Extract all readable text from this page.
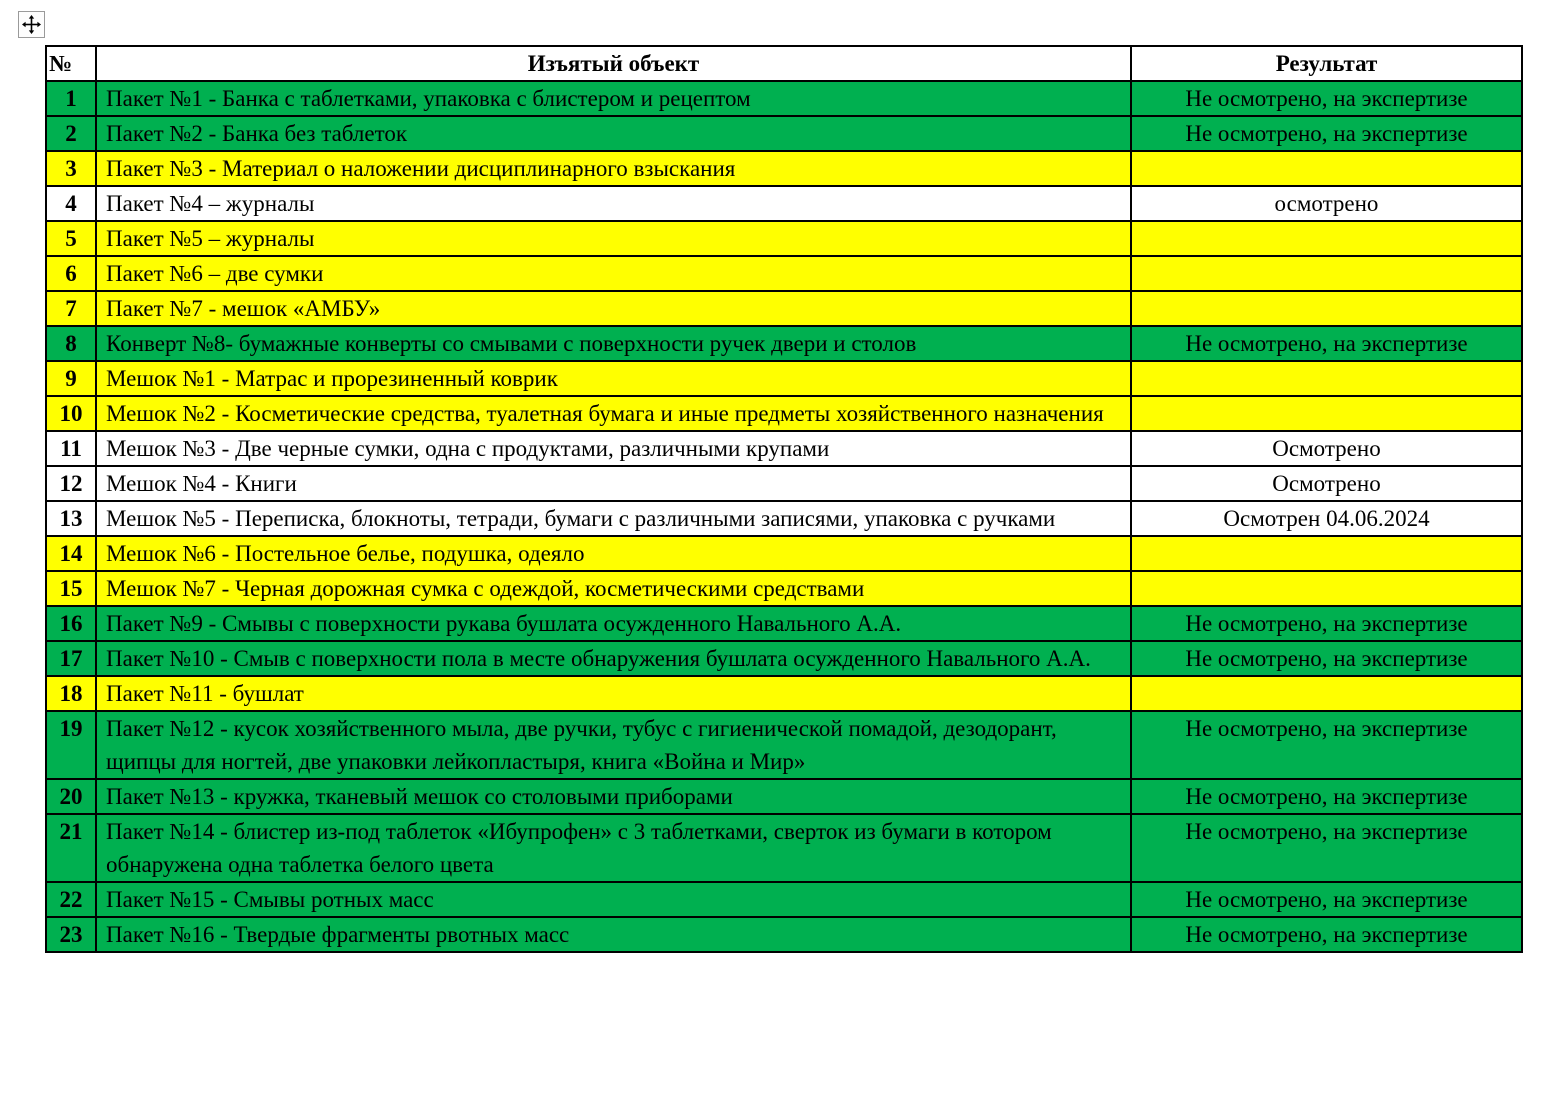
№	Изъятый объект	Результат
1	Пакет №1 - Банка с таблетками, упаковка с блистером и рецептом	Не осмотрено, на экспертизе
2	Пакет №2 - Банка без таблеток	Не осмотрено, на экспертизе
3	Пакет №3 - Материал о наложении дисциплинарного взыскания	
4	Пакет №4 – журналы	осмотрено
5	Пакет №5 – журналы	
6	Пакет №6 – две сумки	
7	Пакет №7 - мешок «АМБУ»	
8	Конверт №8- бумажные конверты со смывами с поверхности ручек двери и столов	Не осмотрено, на экспертизе
9	Мешок №1 - Матрас и прорезиненный коврик	
10	Мешок №2 - Косметические средства, туалетная бумага и иные предметы хозяйственного назначения	
11	Мешок №3 - Две черные сумки, одна с продуктами, различными крупами	Осмотрено
12	Мешок №4 - Книги	Осмотрено
13	Мешок №5 - Переписка, блокноты, тетради, бумаги с различными записями, упаковка с ручками	Осмотрен 04.06.2024
14	Мешок №6 - Постельное белье, подушка, одеяло	
15	Мешок №7 - Черная дорожная сумка с одеждой, косметическими средствами	
16	Пакет №9 - Смывы с поверхности рукава бушлата осужденного Навального А.А.	Не осмотрено, на экспертизе
17	Пакет №10 - Смыв с поверхности пола в месте обнаружения бушлата осужденного Навального А.А.	Не осмотрено, на экспертизе
18	Пакет №11 - бушлат	
19	Пакет №12 - кусок хозяйственного мыла, две ручки, тубус с гигиенической помадой, дезодорант, щипцы для ногтей, две упаковки лейкопластыря, книга «Война и Мир»	Не осмотрено, на экспертизе
20	Пакет №13 - кружка, тканевый мешок со столовыми приборами	Не осмотрено, на экспертизе
21	Пакет №14 - блистер из-под таблеток «Ибупрофен» с 3 таблетками, сверток из бумаги в котором обнаружена одна таблетка белого цвета	Не осмотрено, на экспертизе
22	Пакет №15 - Смывы ротных масс	Не осмотрено, на экспертизе
23	Пакет №16 - Твердые фрагменты рвотных масс	Не осмотрено, на экспертизе
